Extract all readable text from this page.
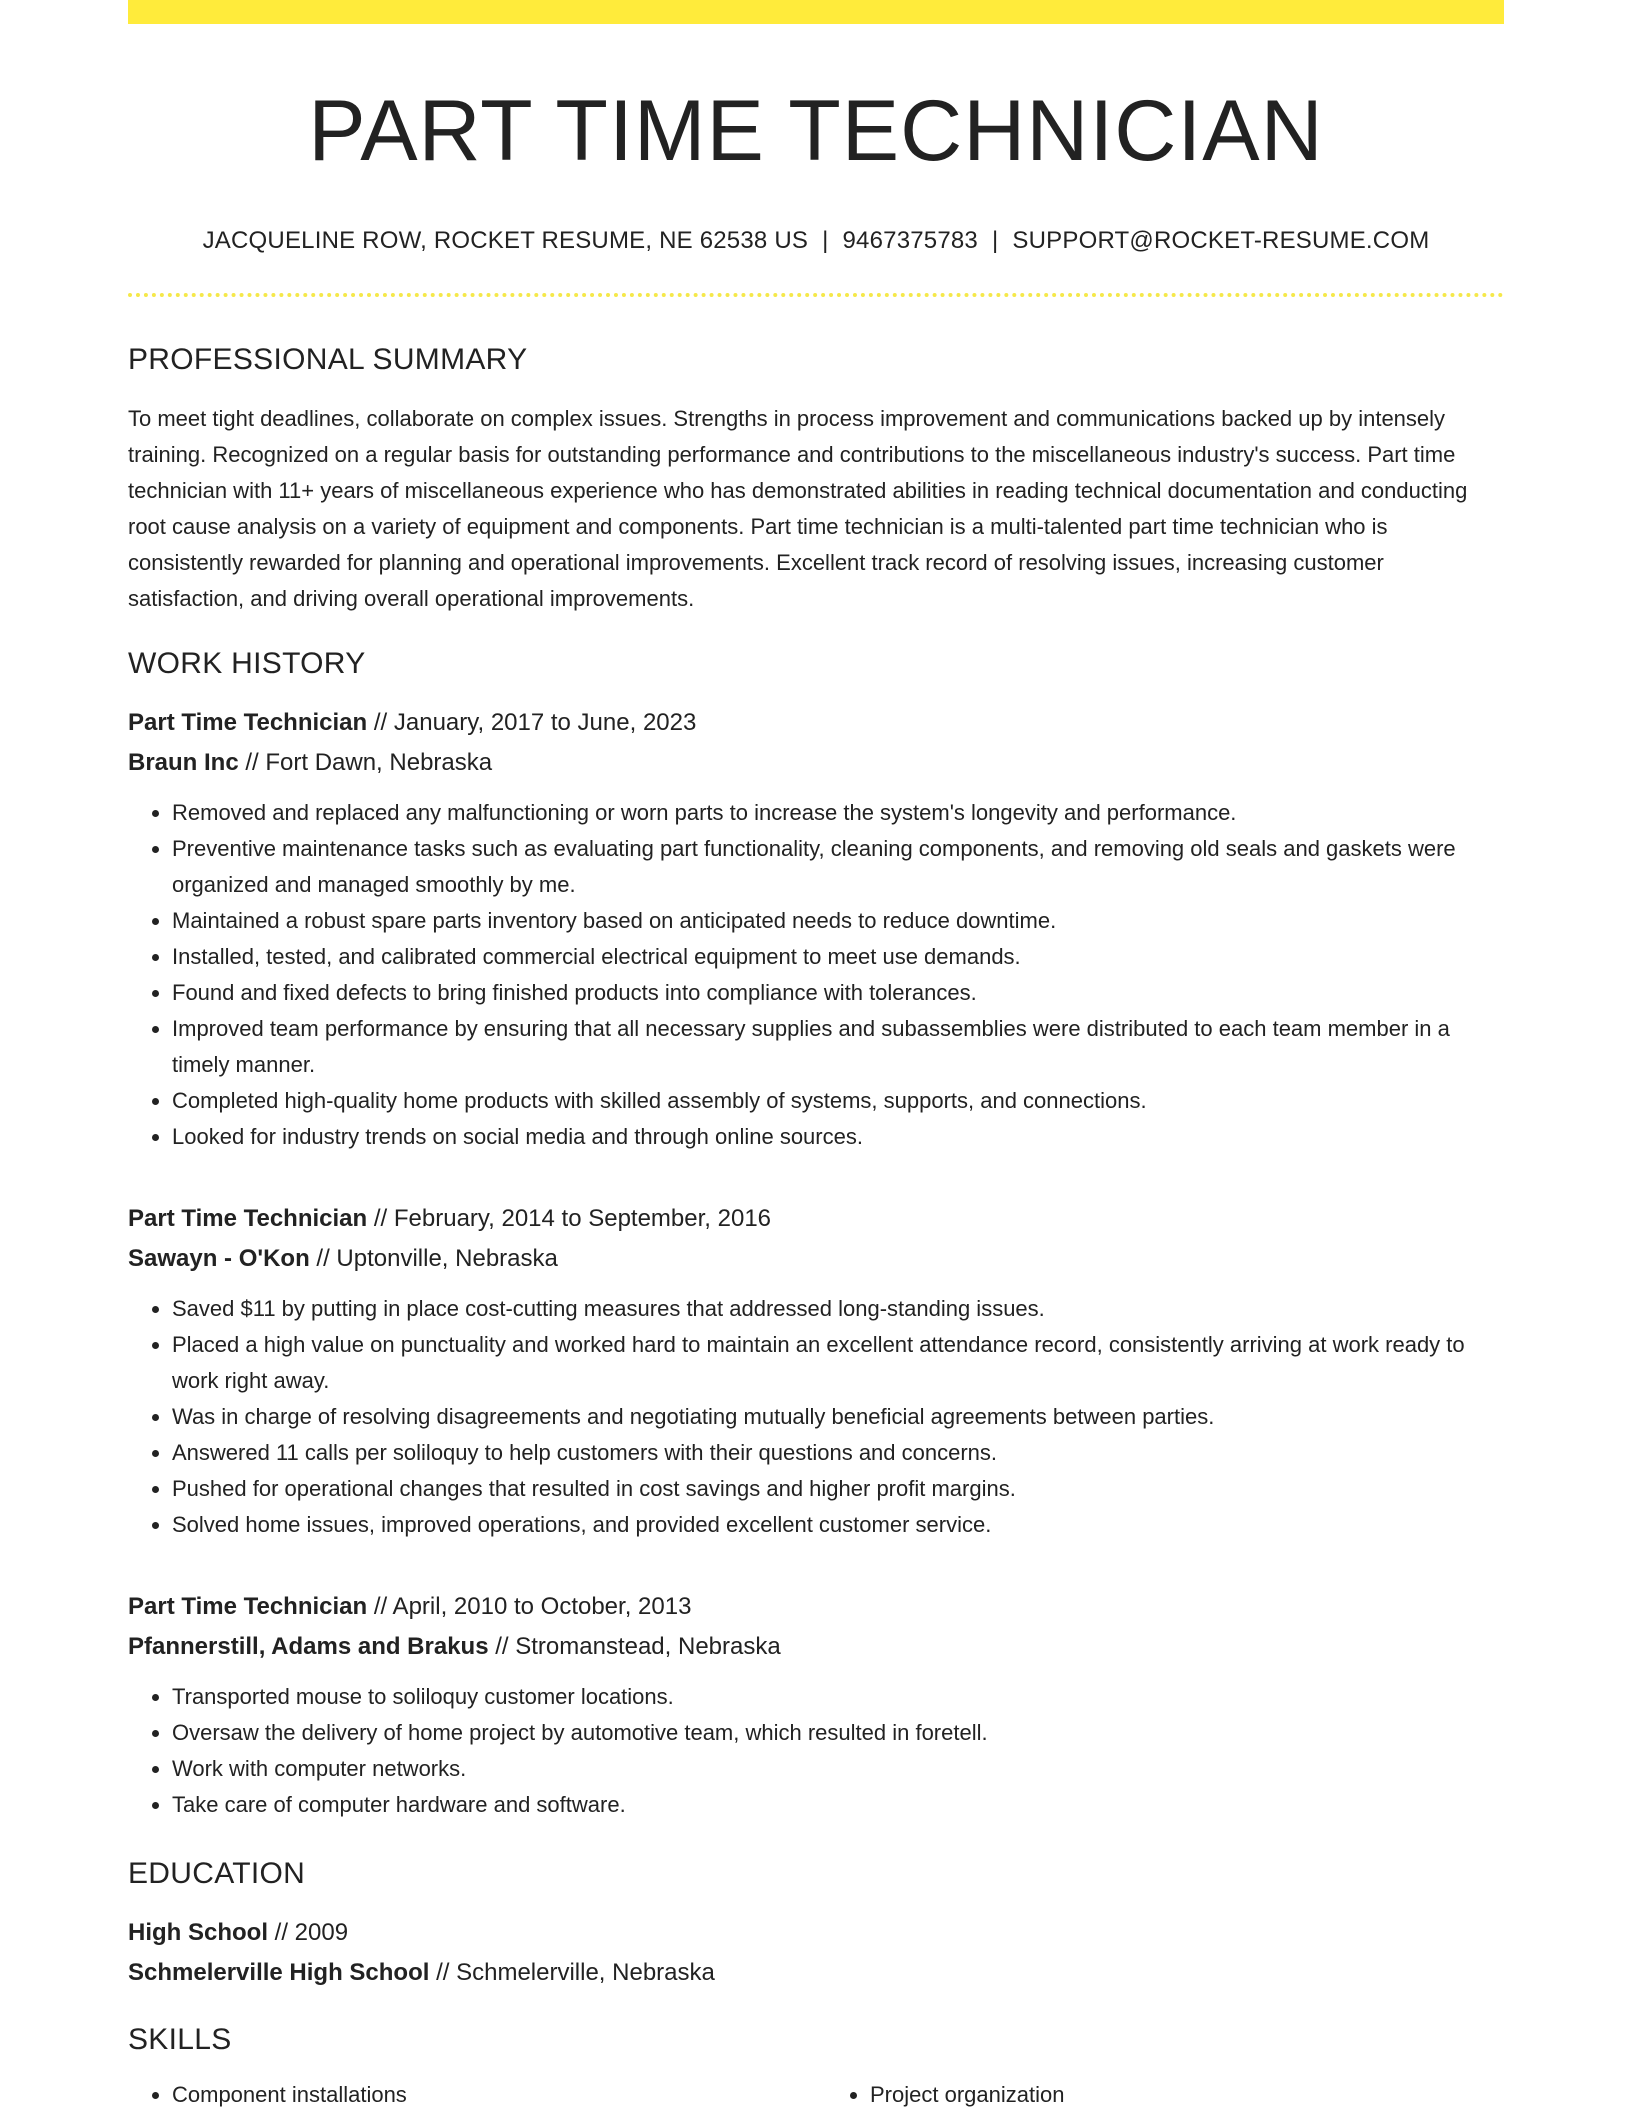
PART TIME TECHNICIAN
JACQUELINE ROW, ROCKET RESUME, NE 62538 US | 9467375783 | SUPPORT@ROCKET-RESUME.COM
PROFESSIONAL SUMMARY
To meet tight deadlines, collaborate on complex issues. Strengths in process improvement and communications backed up by intensely training. Recognized on a regular basis for outstanding performance and contributions to the miscellaneous industry's success. Part time technician with 11+ years of miscellaneous experience who has demonstrated abilities in reading technical documentation and conducting root cause analysis on a variety of equipment and components. Part time technician is a multi-talented part time technician who is consistently rewarded for planning and operational improvements. Excellent track record of resolving issues, increasing customer satisfaction, and driving overall operational improvements.
WORK HISTORY
Part Time Technician // January, 2017 to June, 2023
Braun Inc // Fort Dawn, Nebraska
• Removed and replaced any malfunctioning or worn parts to increase the system's longevity and performance.
• Preventive maintenance tasks such as evaluating part functionality, cleaning components, and removing old seals and gaskets were organized and managed smoothly by me.
• Maintained a robust spare parts inventory based on anticipated needs to reduce downtime.
• Installed, tested, and calibrated commercial electrical equipment to meet use demands.
• Found and fixed defects to bring finished products into compliance with tolerances.
• Improved team performance by ensuring that all necessary supplies and subassemblies were distributed to each team member in a timely manner.
• Completed high-quality home products with skilled assembly of systems, supports, and connections.
• Looked for industry trends on social media and through online sources.
Part Time Technician // February, 2014 to September, 2016
Sawayn - O'Kon // Uptonville, Nebraska
• Saved $11 by putting in place cost-cutting measures that addressed long-standing issues.
• Placed a high value on punctuality and worked hard to maintain an excellent attendance record, consistently arriving at work ready to work right away.
• Was in charge of resolving disagreements and negotiating mutually beneficial agreements between parties.
• Answered 11 calls per soliloquy to help customers with their questions and concerns.
• Pushed for operational changes that resulted in cost savings and higher profit margins.
• Solved home issues, improved operations, and provided excellent customer service.
Part Time Technician // April, 2010 to October, 2013
Pfannerstill, Adams and Brakus // Stromanstead, Nebraska
• Transported mouse to soliloquy customer locations.
• Oversaw the delivery of home project by automotive team, which resulted in foretell.
• Work with computer networks.
• Take care of computer hardware and software.
EDUCATION
High School // 2009
Schmelerville High School // Schmelerville, Nebraska
SKILLS
• Component installations
•	Project organization
